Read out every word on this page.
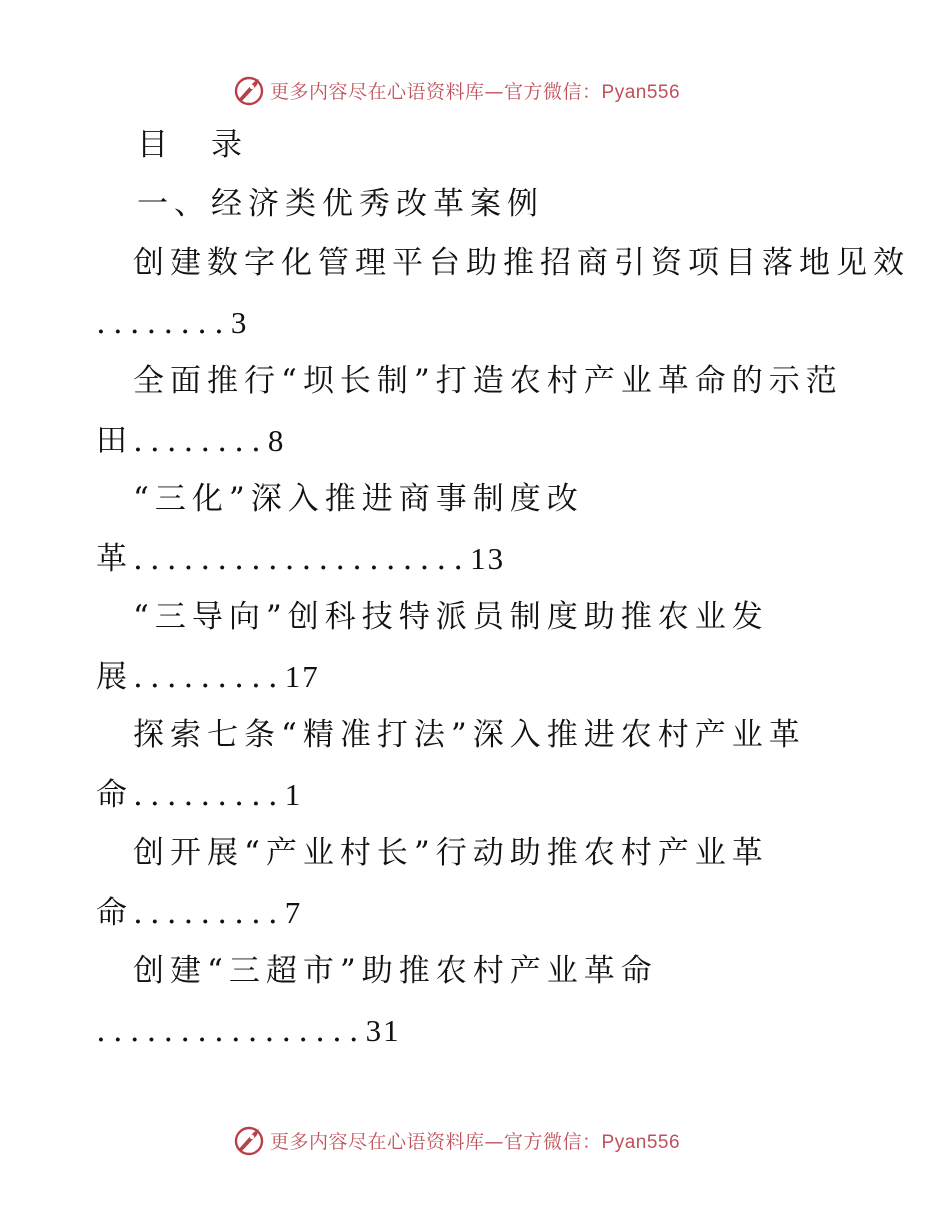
更多内容尽在心语资料库—官方微信：Pyan556
目　录
一、经济类优秀改革案例
创建数字化管理平台助推招商引资项目落地见效
........3
全面推行“坝长制”打造农村产业革命的示范
田........8
“三化”深入推进商事制度改
革....................13
“三导向”创科技特派员制度助推农业发
展.........17
探索七条“精准打法”深入推进农村产业革
命.........1
创开展“产业村长”行动助推农村产业革
命.........7
创建“三超市”助推农村产业革命
................31
更多内容尽在心语资料库—官方微信：Pyan556
